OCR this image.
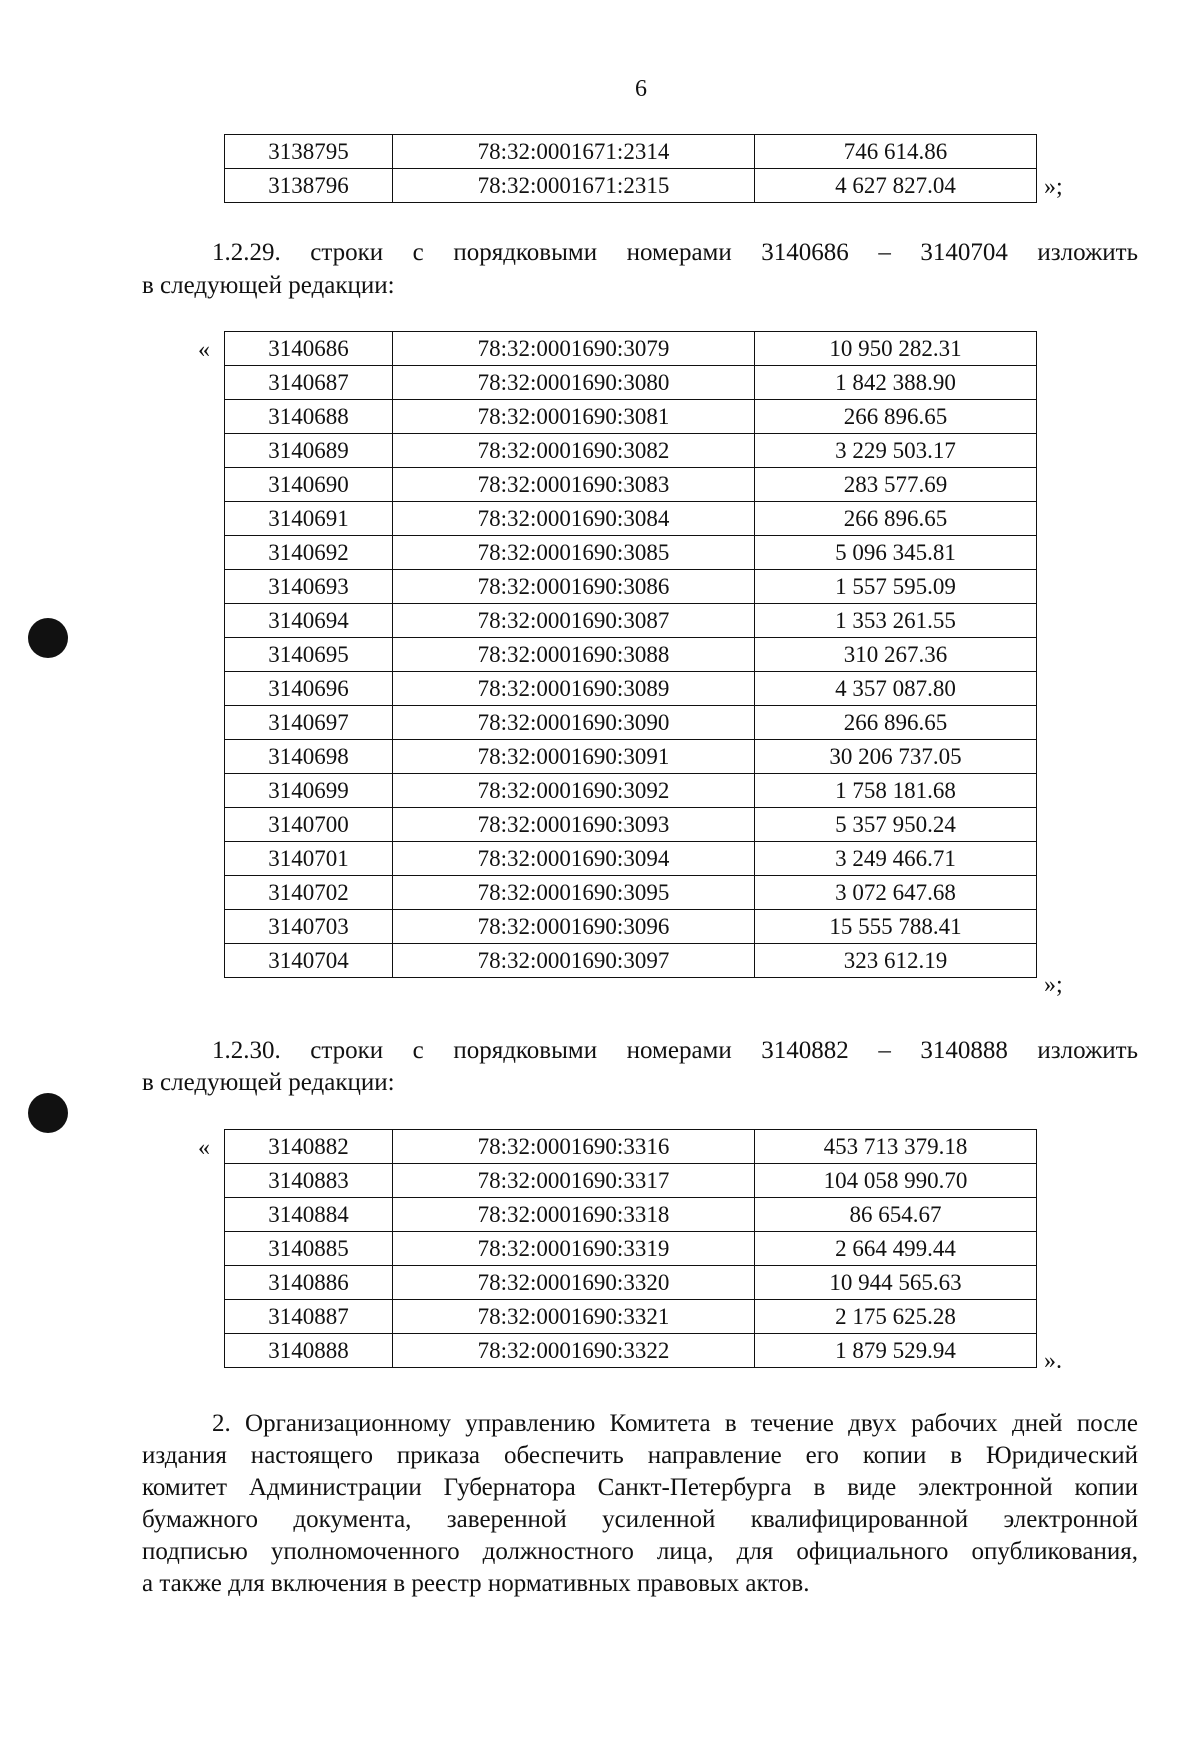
6
3138795	78:32:0001671:2314	746 614.86
3138796	78:32:0001671:2315	4 627 827.04	»;
1.2.29. строки с порядковыми номерами 3140686 – 3140704 изложить
в следующей редакции:
«	3140686	78:32:0001690:3079	10 950 282.31
3140687	78:32:0001690:3080	1 842 388.90
3140688	78:32:0001690:3081	266 896.65
3140689	78:32:0001690:3082	3 229 503.17
3140690	78:32:0001690:3083	283 577.69
3140691	78:32:0001690:3084	266 896.65
3140692	78:32:0001690:3085	5 096 345.81
3140693	78:32:0001690:3086	1 557 595.09
3140694	78:32:0001690:3087	1 353 261.55
3140695	78:32:0001690:3088	310 267.36
3140696	78:32:0001690:3089	4 357 087.80
3140697	78:32:0001690:3090	266 896.65
3140698	78:32:0001690:3091	30 206 737.05
3140699	78:32:0001690:3092	1 758 181.68
3140700	78:32:0001690:3093	5 357 950.24
3140701	78:32:0001690:3094	3 249 466.71
3140702	78:32:0001690:3095	3 072 647.68
3140703	78:32:0001690:3096	15 555 788.41
3140704	78:32:0001690:3097	323 612.19
»;
1.2.30. строки с порядковыми номерами 3140882 – 3140888 изложить
в следующей редакции:
«	3140882	78:32:0001690:3316	453 713 379.18
3140883	78:32:0001690:3317	104 058 990.70
3140884	78:32:0001690:3318	86 654.67
3140885	78:32:0001690:3319	2 664 499.44
3140886	78:32:0001690:3320	10 944 565.63
3140887	78:32:0001690:3321	2 175 625.28
3140888	78:32:0001690:3322	1 879 529.94	».
2. Организационному управлению Комитета в течение двух рабочих дней после
издания настоящего приказа обеспечить направление его копии в Юридический
комитет Администрации Губернатора Санкт-Петербурга в виде электронной копии
бумажного документа, заверенной усиленной квалифицированной электронной
подписью уполномоченного должностного лица, для официального опубликования,
а также для включения в реестр нормативных правовых актов.
